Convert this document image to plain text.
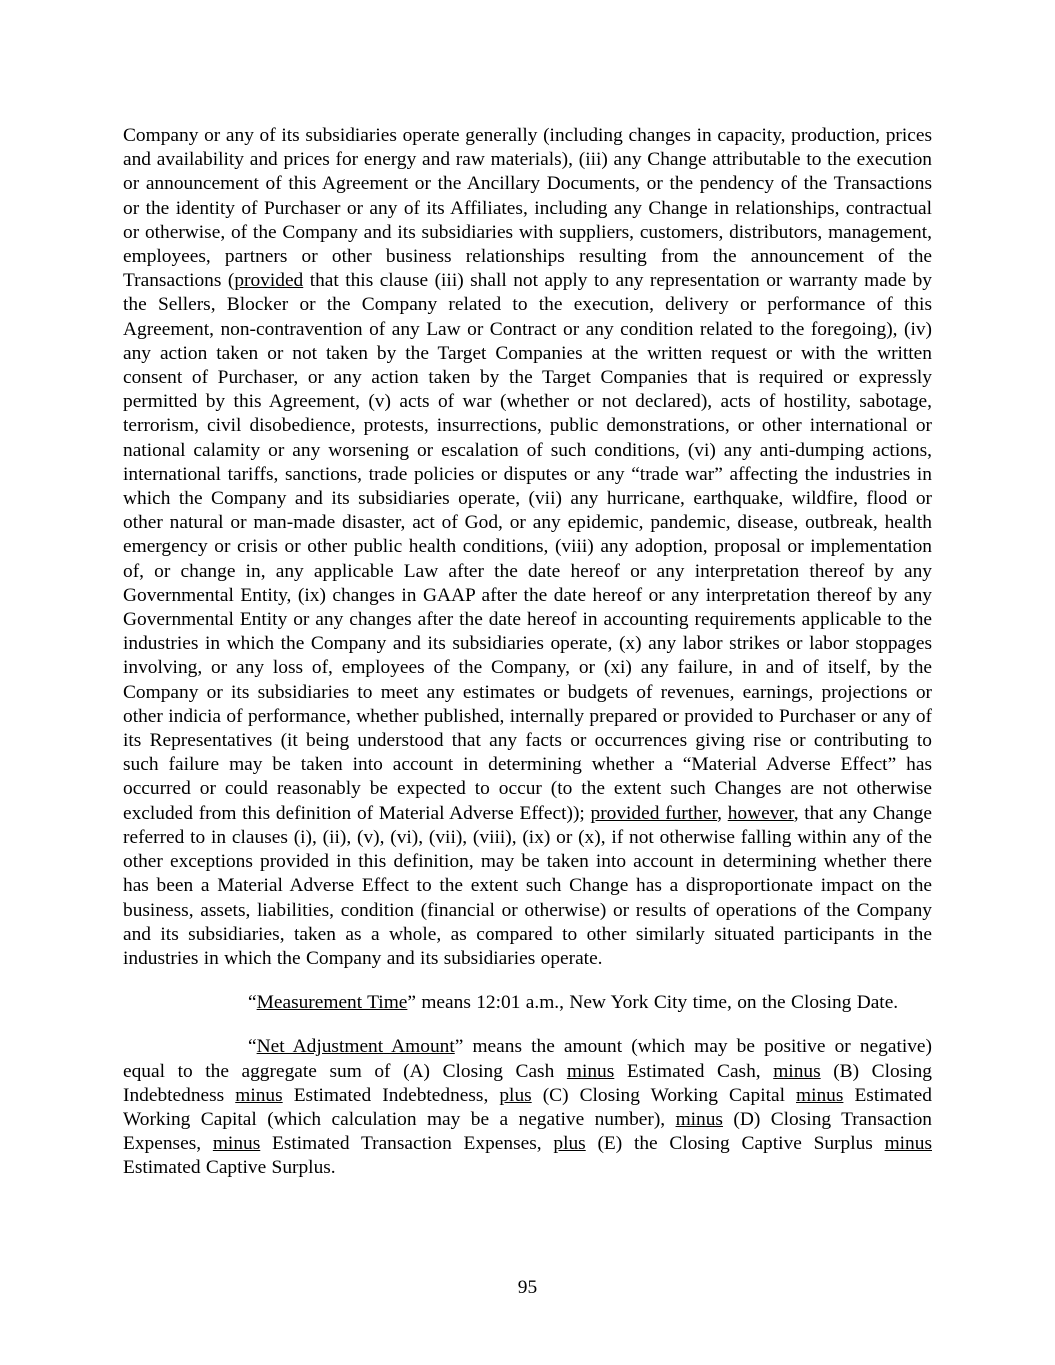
Company or any of its subsidiaries operate generally (including changes in capacity, production, prices and availability and prices for energy and raw materials), (iii) any Change attributable to the execution or announcement of this Agreement or the Ancillary Documents, or the pendency of the Transactions or the identity of Purchaser or any of its Affiliates, including any Change in relationships, contractual or otherwise, of the Company and its subsidiaries with suppliers, customers, distributors, management, employees, partners or other business relationships resulting from the announcement of the Transactions (provided that this clause (iii) shall not apply to any representation or warranty made by the Sellers, Blocker or the Company related to the execution, delivery or performance of this Agreement, non-contravention of any Law or Contract or any condition related to the foregoing), (iv) any action taken or not taken by the Target Companies at the written request or with the written consent of Purchaser, or any action taken by the Target Companies that is required or expressly permitted by this Agreement, (v) acts of war (whether or not declared), acts of hostility, sabotage, terrorism, civil disobedience, protests, insurrections, public demonstrations, or other international or national calamity or any worsening or escalation of such conditions, (vi) any anti-dumping actions, international tariffs, sanctions, trade policies or disputes or any “trade war” affecting the industries in which the Company and its subsidiaries operate, (vii) any hurricane, earthquake, wildfire, flood or other natural or man-made disaster, act of God, or any epidemic, pandemic, disease, outbreak, health emergency or crisis or other public health conditions, (viii) any adoption, proposal or implementation of, or change in, any applicable Law after the date hereof or any interpretation thereof by any Governmental Entity, (ix) changes in GAAP after the date hereof or any interpretation thereof by any Governmental Entity or any changes after the date hereof in accounting requirements applicable to the industries in which the Company and its subsidiaries operate, (x) any labor strikes or labor stoppages involving, or any loss of, employees of the Company, or (xi) any failure, in and of itself, by the Company or its subsidiaries to meet any estimates or budgets of revenues, earnings, projections or other indicia of performance, whether published, internally prepared or provided to Purchaser or any of its Representatives (it being understood that any facts or occurrences giving rise or contributing to such failure may be taken into account in determining whether a “Material Adverse Effect” has occurred or could reasonably be expected to occur (to the extent such Changes are not otherwise excluded from this definition of Material Adverse Effect)); provided further, however, that any Change referred to in clauses (i), (ii), (v), (vi), (vii), (viii), (ix) or (x), if not otherwise falling within any of the other exceptions provided in this definition, may be taken into account in determining whether there has been a Material Adverse Effect to the extent such Change has a disproportionate impact on the business, assets, liabilities, condition (financial or otherwise) or results of operations of the Company and its subsidiaries, taken as a whole, as compared to other similarly situated participants in the industries in which the Company and its subsidiaries operate.

“Measurement Time” means 12:01 a.m., New York City time, on the Closing Date.

“Net Adjustment Amount” means the amount (which may be positive or negative) equal to the aggregate sum of (A) Closing Cash minus Estimated Cash, minus (B) Closing Indebtedness minus Estimated Indebtedness, plus (C) Closing Working Capital minus Estimated Working Capital (which calculation may be a negative number), minus (D) Closing Transaction Expenses, minus Estimated Transaction Expenses, plus (E) the Closing Captive Surplus minus Estimated Captive Surplus.

95
